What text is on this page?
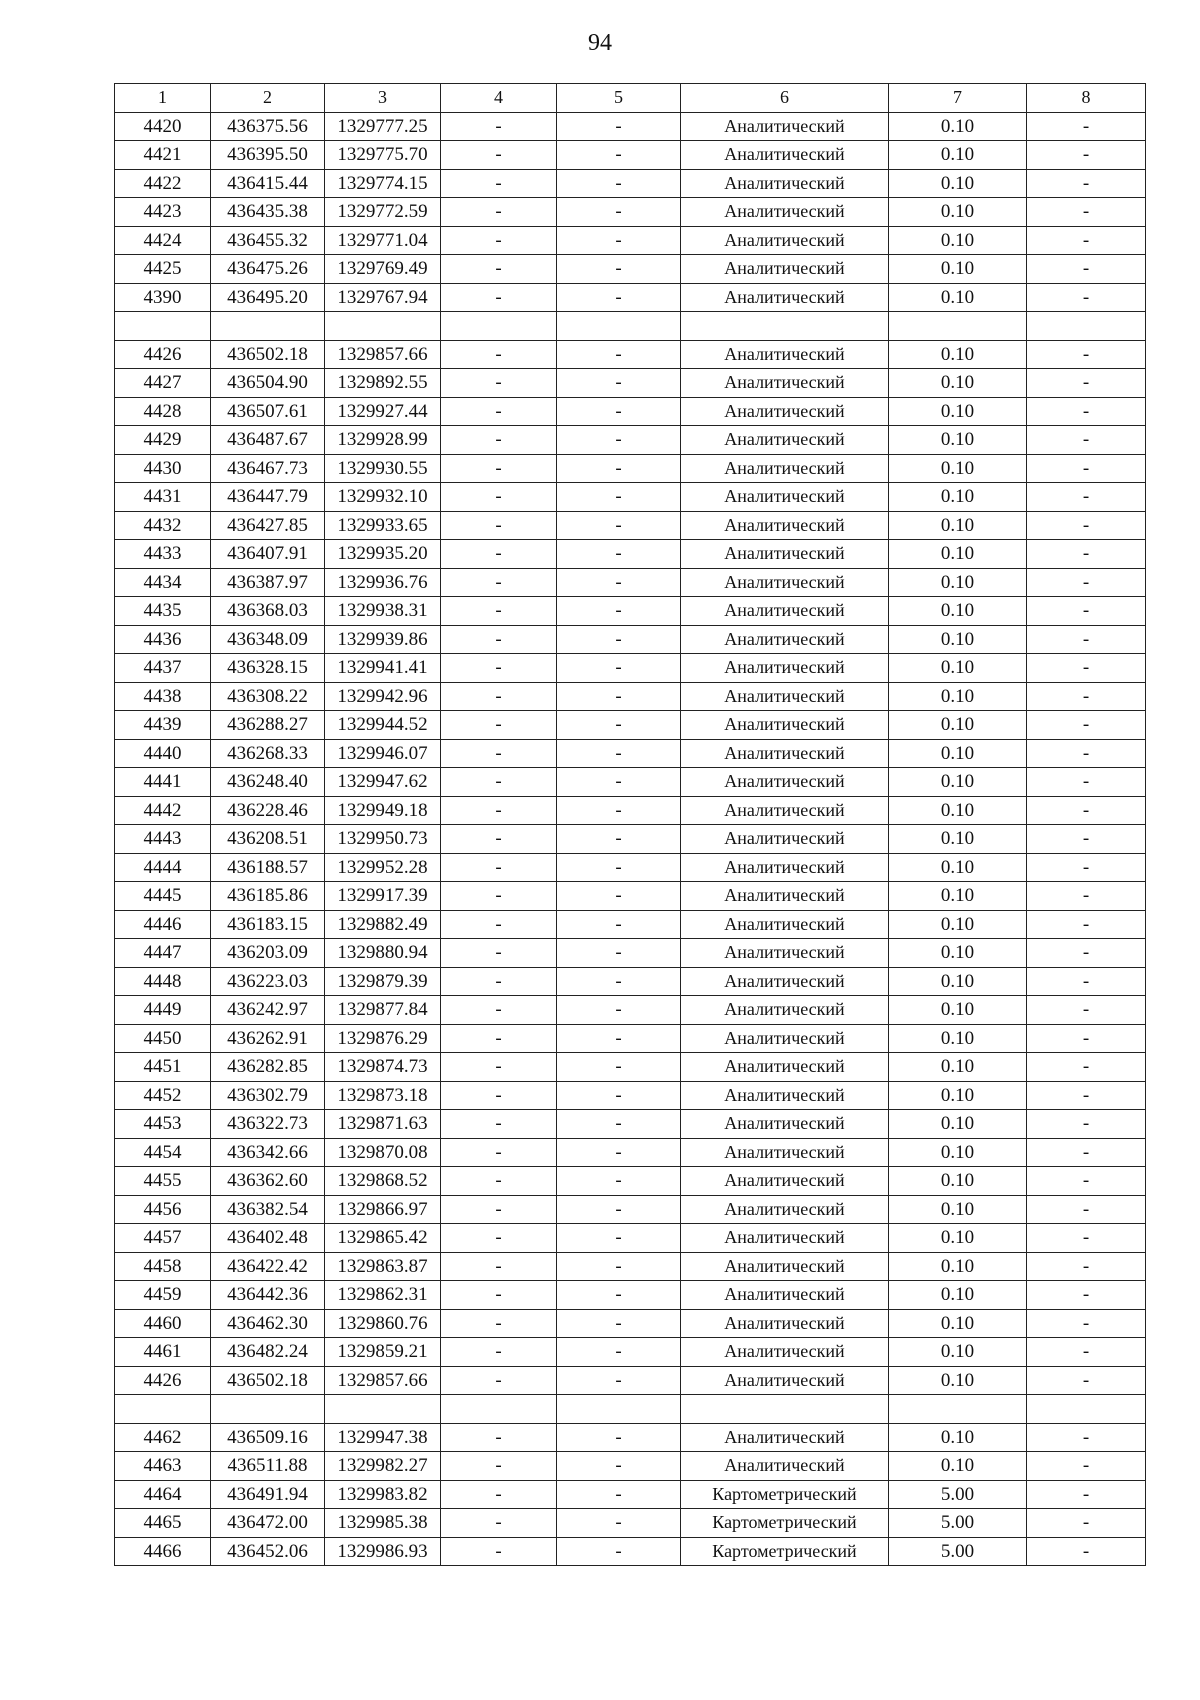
94
1	2	3	4	5	6	7	8
4420	436375.56	1329777.25	-	-	Аналитический	0.10	-
4421	436395.50	1329775.70	-	-	Аналитический	0.10	-
4422	436415.44	1329774.15	-	-	Аналитический	0.10	-
4423	436435.38	1329772.59	-	-	Аналитический	0.10	-
4424	436455.32	1329771.04	-	-	Аналитический	0.10	-
4425	436475.26	1329769.49	-	-	Аналитический	0.10	-
4390	436495.20	1329767.94	-	-	Аналитический	0.10	-

4426	436502.18	1329857.66	-	-	Аналитический	0.10	-
4427	436504.90	1329892.55	-	-	Аналитический	0.10	-
4428	436507.61	1329927.44	-	-	Аналитический	0.10	-
4429	436487.67	1329928.99	-	-	Аналитический	0.10	-
4430	436467.73	1329930.55	-	-	Аналитический	0.10	-
4431	436447.79	1329932.10	-	-	Аналитический	0.10	-
4432	436427.85	1329933.65	-	-	Аналитический	0.10	-
4433	436407.91	1329935.20	-	-	Аналитический	0.10	-
4434	436387.97	1329936.76	-	-	Аналитический	0.10	-
4435	436368.03	1329938.31	-	-	Аналитический	0.10	-
4436	436348.09	1329939.86	-	-	Аналитический	0.10	-
4437	436328.15	1329941.41	-	-	Аналитический	0.10	-
4438	436308.22	1329942.96	-	-	Аналитический	0.10	-
4439	436288.27	1329944.52	-	-	Аналитический	0.10	-
4440	436268.33	1329946.07	-	-	Аналитический	0.10	-
4441	436248.40	1329947.62	-	-	Аналитический	0.10	-
4442	436228.46	1329949.18	-	-	Аналитический	0.10	-
4443	436208.51	1329950.73	-	-	Аналитический	0.10	-
4444	436188.57	1329952.28	-	-	Аналитический	0.10	-
4445	436185.86	1329917.39	-	-	Аналитический	0.10	-
4446	436183.15	1329882.49	-	-	Аналитический	0.10	-
4447	436203.09	1329880.94	-	-	Аналитический	0.10	-
4448	436223.03	1329879.39	-	-	Аналитический	0.10	-
4449	436242.97	1329877.84	-	-	Аналитический	0.10	-
4450	436262.91	1329876.29	-	-	Аналитический	0.10	-
4451	436282.85	1329874.73	-	-	Аналитический	0.10	-
4452	436302.79	1329873.18	-	-	Аналитический	0.10	-
4453	436322.73	1329871.63	-	-	Аналитический	0.10	-
4454	436342.66	1329870.08	-	-	Аналитический	0.10	-
4455	436362.60	1329868.52	-	-	Аналитический	0.10	-
4456	436382.54	1329866.97	-	-	Аналитический	0.10	-
4457	436402.48	1329865.42	-	-	Аналитический	0.10	-
4458	436422.42	1329863.87	-	-	Аналитический	0.10	-
4459	436442.36	1329862.31	-	-	Аналитический	0.10	-
4460	436462.30	1329860.76	-	-	Аналитический	0.10	-
4461	436482.24	1329859.21	-	-	Аналитический	0.10	-
4426	436502.18	1329857.66	-	-	Аналитический	0.10	-

4462	436509.16	1329947.38	-	-	Аналитический	0.10	-
4463	436511.88	1329982.27	-	-	Аналитический	0.10	-
4464	436491.94	1329983.82	-	-	Картометрический	5.00	-
4465	436472.00	1329985.38	-	-	Картометрический	5.00	-
4466	436452.06	1329986.93	-	-	Картометрический	5.00	-
